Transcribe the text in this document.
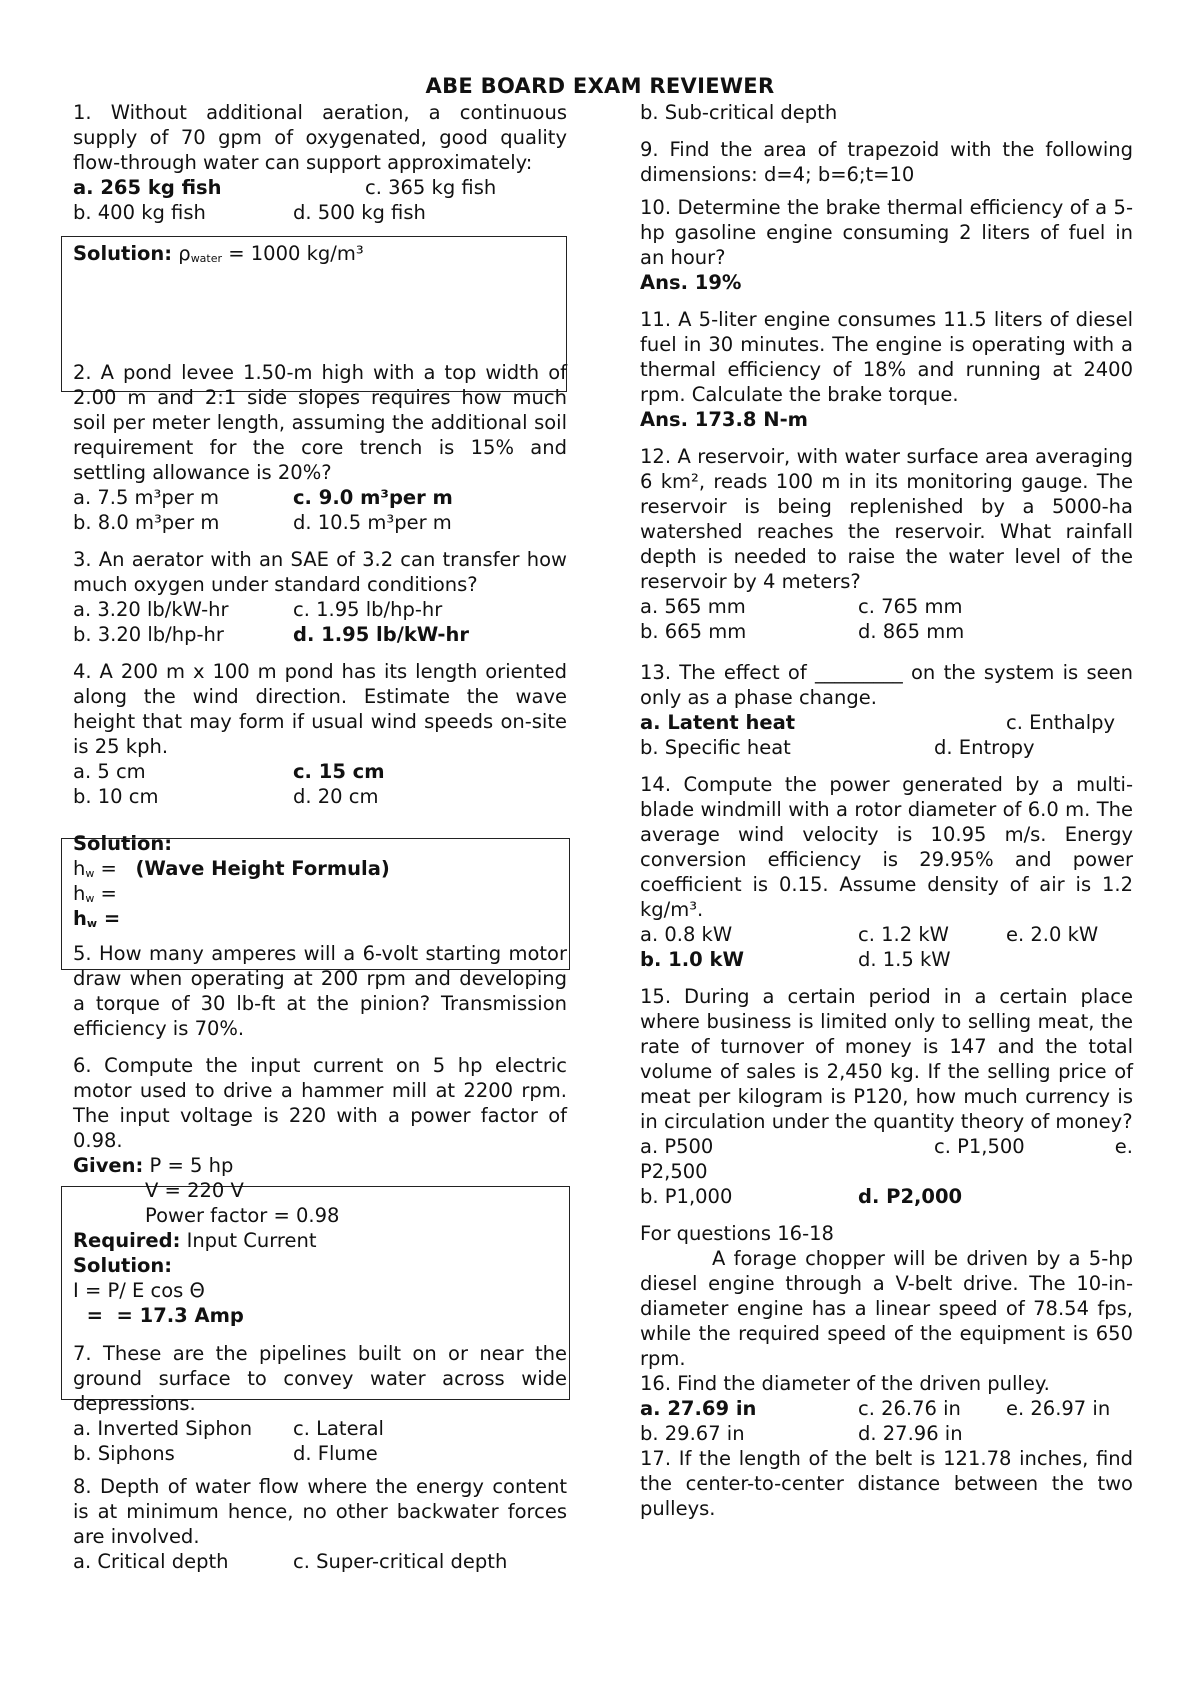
ABE BOARD EXAM REVIEWER

1. Without additional aeration, a continuous supply of 70 gpm of oxygenated, good quality flow-through water can support approximately:

a. 265 kg fish	c. 365 kg fish
b. 400 kg fish	d. 500 kg fish

Solution: $\rho_{water} = 1000$ kg/m³

2. A pond levee 1.50-m high with a top width of 2.00 m and 2:1 side slopes requires how much soil per meter length, assuming the additional soil requirement for the core trench is 15% and settling allowance is 20%?

a. 7.5 m³per m	c. 9.0 m³per m
b. 8.0 m³per m	d. 10.5 m³per m

3. An aerator with an SAE of 3.2 can transfer how much oxygen under standard conditions?

a. 3.20 lb/kW-hr	c. 1.95 lb/hp-hr
b. 3.20 lb/hp-hr	d. 1.95 lb/kW-hr

4. A 200 m x 100 m pond has its length oriented along the wind direction. Estimate the wave height that may form if usual wind speeds on-site is 25 kph.

a. 5 cm	c. 15 cm
b. 10 cm	d. 20 cm

Solution:

$h_w$ =   (Wave Height Formula)

$h_w$ =

$h_w$ =

5. How many amperes will a 6-volt starting motor draw when operating at 200 rpm and developing a torque of 30 lb-ft at the pinion? Transmission efficiency is 70%.

6. Compute the input current on 5 hp electric motor used to drive a hammer mill at 2200 rpm. The input voltage is 220 with a power factor of 0.98.

Given: P = 5 hp

V = 220 V

Power factor = 0.98

Required: Input Current

Solution:

I = P/ E cos Θ

=  = 17.3 Amp

7. These are the pipelines built on or near the ground surface to convey water across wide depressions.

a. Inverted Siphon	c. Lateral
b. Siphons	d. Flume

8. Depth of water flow where the energy content is at minimum hence, no other backwater forces are involved.

a. Critical depth	c. Super-critical depth

b. Sub-critical depth

9. Find the area of trapezoid with the following dimensions: d=4; b=6;t=10

10. Determine the brake thermal efficiency of a 5-hp gasoline engine consuming 2 liters of fuel in an hour?

Ans. 19%

11. A 5-liter engine consumes 11.5 liters of diesel fuel in 30 minutes. The engine is operating with a thermal efficiency of 18% and running at 2400 rpm. Calculate the brake torque.

Ans. 173.8 N-m

12. A reservoir, with water surface area averaging 6 km², reads 100 m in its monitoring gauge. The reservoir is being replenished by a 5000-ha watershed reaches the reservoir. What rainfall depth is needed to raise the water level of the reservoir by 4 meters?

a. 565 mm	c. 765 mm
b. 665 mm	d. 865 mm

13. The effect of _________ on the system is seen only as a phase change.

a. Latent heat	c. Enthalpy
b. Specific heat	d. Entropy

14. Compute the power generated by a multi-blade windmill with a rotor diameter of 6.0 m. The average wind velocity is 10.95 m/s. Energy conversion efficiency is 29.95% and power coefficient is 0.15. Assume density of air is 1.2 kg/m³.

a. 0.8 kW	c. 1.2 kW	e. 2.0 kW
b. 1.0 kW	d. 1.5 kW

15. During a certain period in a certain place where business is limited only to selling meat, the rate of turnover of money is 147 and the total volume of sales is 2,450 kg. If the selling price of meat per kilogram is P120, how much currency is in circulation under the quantity theory of money?

a. P500	c. P1,500	e.

P2,500

b. P1,000	d. P2,000

For questions 16-18

A forage chopper will be driven by a 5-hp diesel engine through a V-belt drive. The 10-in-diameter engine has a linear speed of 78.54 fps, while the required speed of the equipment is 650 rpm.

16. Find the diameter of the driven pulley.

a. 27.69 in	c. 26.76 in	e. 26.97 in
b. 29.67 in	d. 27.96 in

17. If the length of the belt is 121.78 inches, find the center-to-center distance between the two pulleys.
